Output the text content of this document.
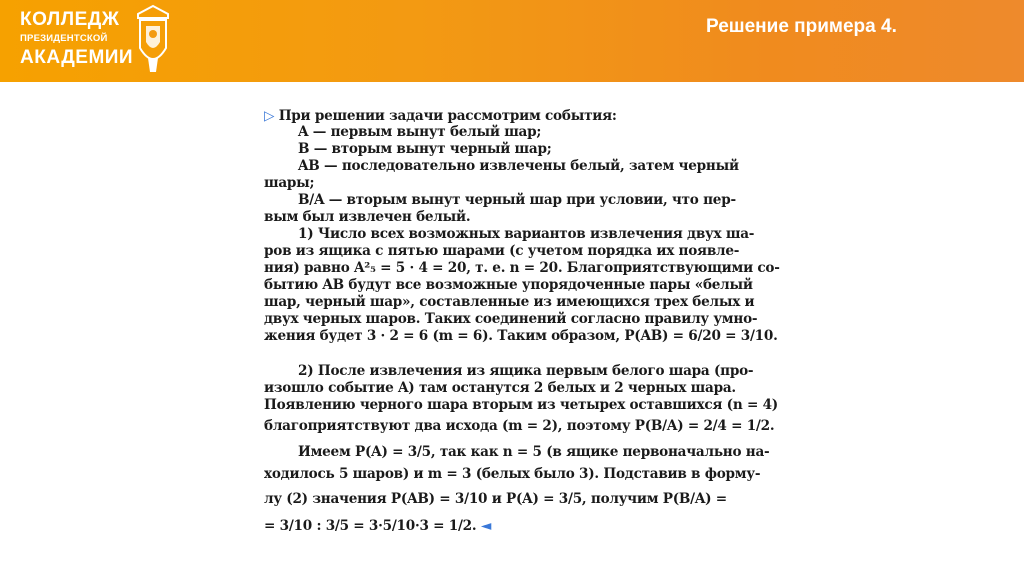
КОЛЛЕДЖ
ПРЕЗИДЕНТСКОЙ
АКАДЕМИИ
Решение примера 4.
▷ При решении задачи рассмотрим события:
A — первым вынут белый шар;
B — вторым вынут черный шар;
AB — последовательно извлечены белый, затем черный
шары;
B/A — вторым вынут черный шар при условии, что пер-
вым был извлечен белый.
1) Число всех возможных вариантов извлечения двух ша-
ров из ящика с пятью шарами (с учетом порядка их появле-
ния) равно A²₅ = 5 · 4 = 20, т. е. n = 20. Благоприятствующими со-
бытию AB будут все возможные упорядоченные пары «белый
шар, черный шар», составленные из имеющихся трех белых и
двух черных шаров. Таких соединений согласно правилу умно-
жения будет 3 · 2 = 6 (m = 6). Таким образом, P(AB) = 6/20 = 3/10.
2) После извлечения из ящика первым белого шара (про-
изошло событие A) там останутся 2 белых и 2 черных шара.
Появлению черного шара вторым из четырех оставшихся (n = 4)
благоприятствуют два исхода (m = 2), поэтому P(B/A) = 2/4 = 1/2.
Имеем P(A) = 3/5, так как n = 5 (в ящике первоначально на-
ходилось 5 шаров) и m = 3 (белых было 3). Подставив в форму-
лу (2) значения P(AB) = 3/10 и P(A) = 3/5, получим P(B/A) =
= 3/10 : 3/5 = 3·5/10·3 = 1/2. ◄
